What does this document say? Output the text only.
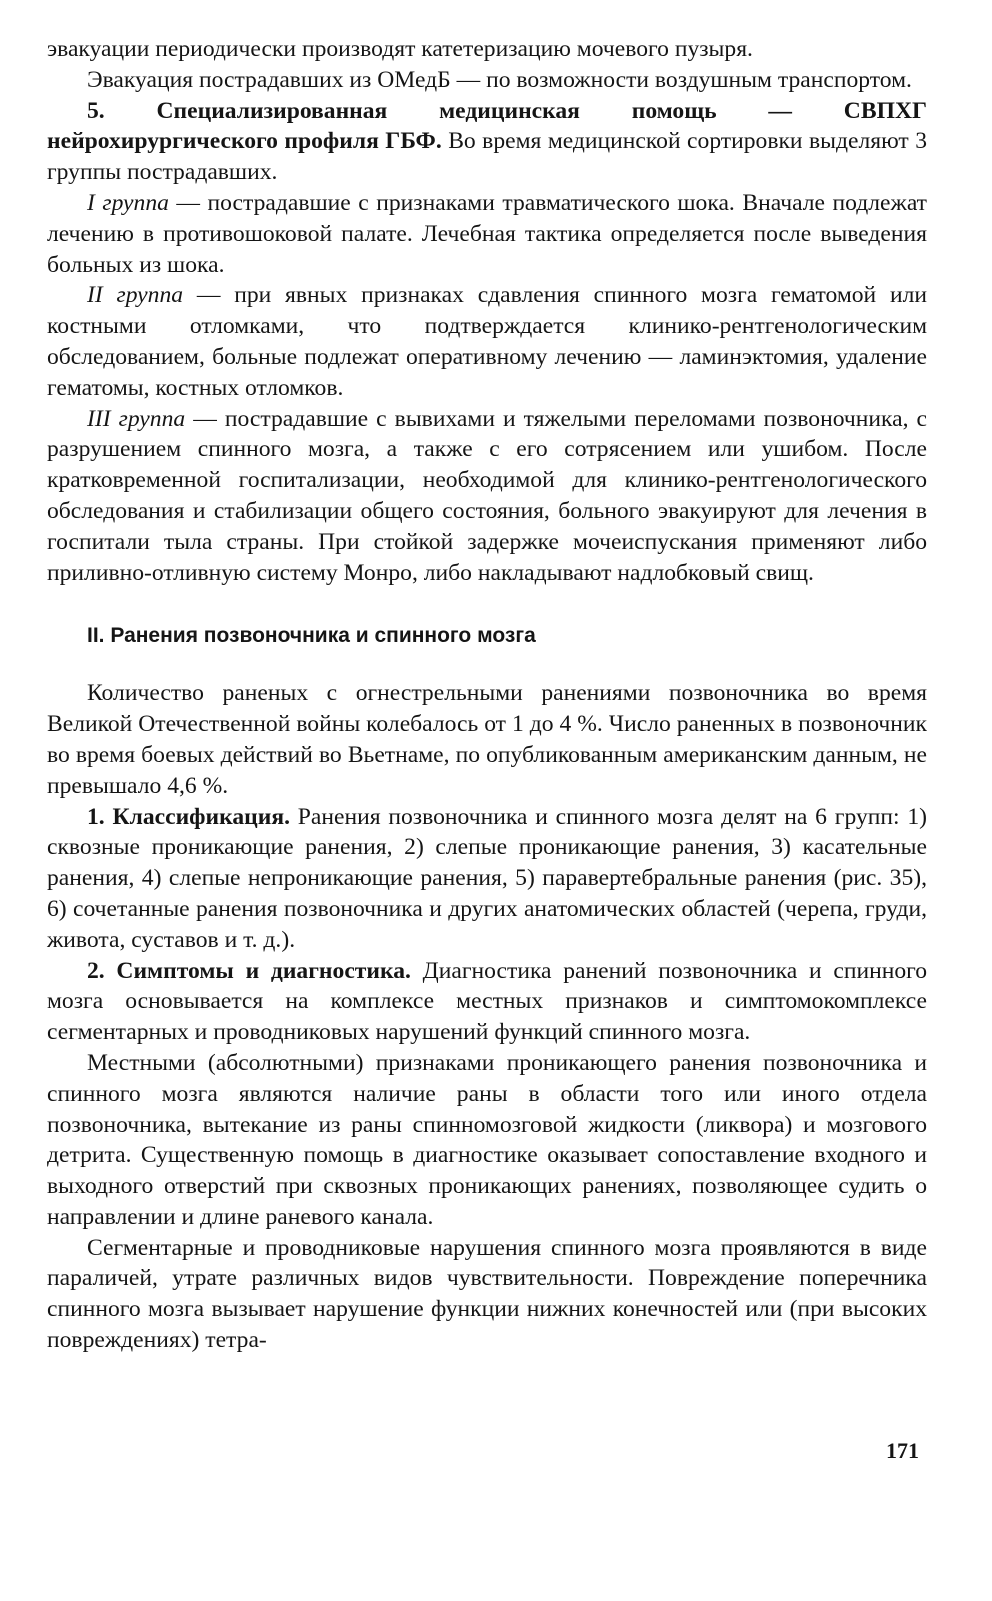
эвакуации периодически производят катетеризацию мочевого пузыря.

Эвакуация пострадавших из ОМедБ — по возможности воздушным транспортом.

5. Специализированная медицинская помощь — СВПХГ нейрохирургического профиля ГБФ. Во время медицинской сортировки выделяют 3 группы пострадавших.

I группа — пострадавшие с признаками травматического шока. Вначале подлежат лечению в противошоковой палате. Лечебная тактика определяется после выведения больных из шока.

II группа — при явных признаках сдавления спинного мозга гематомой или костными отломками, что подтверждается клинико-рентгенологическим обследованием, больные подлежат оперативному лечению — ламинэктомия, удаление гематомы, костных отломков.

III группа — пострадавшие с вывихами и тяжелыми переломами позвоночника, с разрушением спинного мозга, а также с его сотрясением или ушибом. После кратковременной госпитализации, необходимой для клинико-рентгенологического обследования и стабилизации общего состояния, больного эвакуируют для лечения в госпитали тыла страны. При стойкой задержке мочеиспускания применяют либо приливно-отливную систему Монро, либо накладывают надлобковый свищ.

II. Ранения позвоночника и спинного мозга

Количество раненых с огнестрельными ранениями позвоночника во время Великой Отечественной войны колебалось от 1 до 4 %. Число раненных в позвоночник во время боевых действий во Вьетнаме, по опубликованным американским данным, не превышало 4,6 %.

1. Классификация. Ранения позвоночника и спинного мозга делят на 6 групп: 1) сквозные проникающие ранения, 2) слепые проникающие ранения, 3) касательные ранения, 4) слепые непроникающие ранения, 5) паравертебральные ранения (рис. 35), 6) сочетанные ранения позвоночника и других анатомических областей (черепа, груди, живота, суставов и т. д.).

2. Симптомы и диагностика. Диагностика ранений позвоночника и спинного мозга основывается на комплексе местных признаков и симптомокомплексе сегментарных и проводниковых нарушений функций спинного мозга.

Местными (абсолютными) признаками проникающего ранения позвоночника и спинного мозга являются наличие раны в области того или иного отдела позвоночника, вытекание из раны спинномозговой жидкости (ликвора) и мозгового детрита. Существенную помощь в диагностике оказывает сопоставление входного и выходного отверстий при сквозных проникающих ранениях, позволяющее судить о направлении и длине раневого канала.

Сегментарные и проводниковые нарушения спинного мозга проявляются в виде параличей, утрате различных видов чувствительности. Повреждение поперечника спинного мозга вызывает нарушение функции нижних конечностей или (при высоких повреждениях) тетра-

171
